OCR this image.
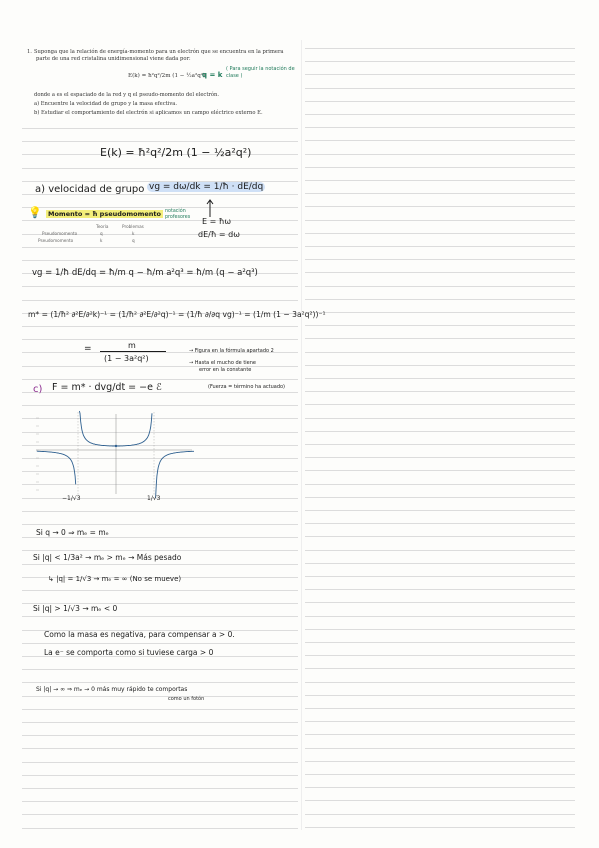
1. Suponga que la relación de energía-momento para un electrón que se encuentra en la primera
parte de una red cristalina unidimensional viene dada por:
E(k) = ħ²q²/2m (1 − ½a²q²)
q = k
( Para seguir la notación de clase )
donde a es el espaciado de la red y q el pseudo-momento del electrón.
a) Encuentre la velocidad de grupo y la masa efectiva.
b) Estudiar el comportamiento del electrón si aplicamos un campo eléctrico externo E.
E(k) = ħ²q²/2m (1 − ½a²q²)
a) velocidad de grupo vg = dω/dk = 1/ħ · dE/dq
💡 Momento = ħ pseudomomento notación profesores	E = ħω
dE/ħ = dω
Teoría	Problemas
Pseudomomento	q	k
Pseudomomento	k	q
vg = 1/ħ dE/dq = ħ/m q − ħ/m a²q³ = ħ/m (q − a²q³)
m* = (1/ħ² ∂²E/∂²k)⁻¹ = (1/ħ² ∂²E/∂²q)⁻¹ = (1/ħ ∂/∂q vg)⁻¹ = (1/m (1 − 3a²q²))⁻¹
=	m
(1 − 3a²q²)
→ Figura en la fórmula apartado 2
→ Hasta el mucho de tiene
error en la constante
c) F = m* · dvg/dt = −e ℰ	(Fuerza = término ha actuado)
−1/√3	1/√3
Si q → 0 ⇒ mₑ = mₑ
Si |q| < 1/3a² → mₑ > mₑ → Más pesado
↳ |q| = 1/√3 → mₑ = ∞ (No se mueve)
Si |q| > 1/√3 → mₑ < 0
Como la masa es negativa, para compensar a > 0.
La e⁻ se comporta como si tuviese carga > 0
Si |q| → ∞ ⇒ mₑ → 0 más muy rápido te comportas
como un fotón
